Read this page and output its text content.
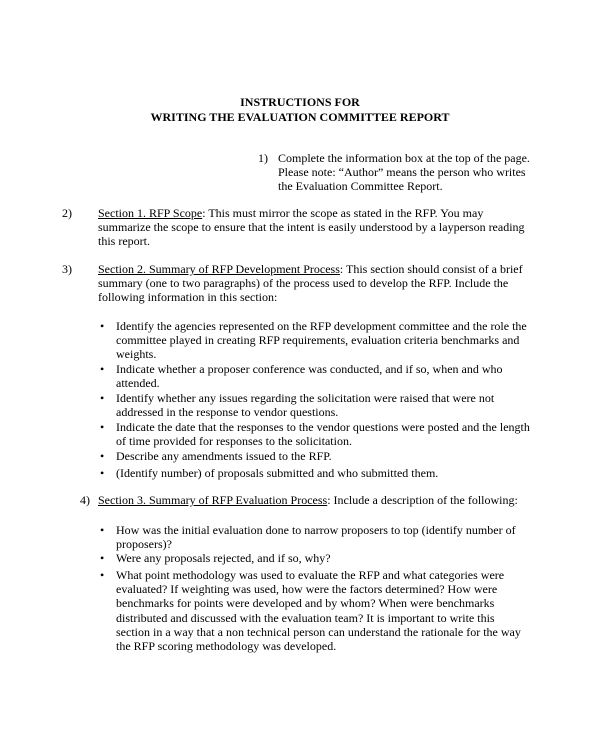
INSTRUCTIONS FOR
WRITING THE EVALUATION COMMITTEE REPORT
1) Complete the information box at the top of the page.
Please note: “Author” means the person who writes
the Evaluation Committee Report.
2) Section 1. RFP Scope: This must mirror the scope as stated in the RFP. You may
summarize the scope to ensure that the intent is easily understood by a layperson reading
this report.
3) Section 2. Summary of RFP Development Process: This section should consist of a brief
summary (one to two paragraphs) of the process used to develop the RFP. Include the
following information in this section:
• Identify the agencies represented on the RFP development committee and the role the
committee played in creating RFP requirements, evaluation criteria benchmarks and
weights.
• Indicate whether a proposer conference was conducted, and if so, when and who
attended.
• Identify whether any issues regarding the solicitation were raised that were not
addressed in the response to vendor questions.
• Indicate the date that the responses to the vendor questions were posted and the length
of time provided for responses to the solicitation.
• Describe any amendments issued to the RFP.
• (Identify number) of proposals submitted and who submitted them.
4) Section 3. Summary of RFP Evaluation Process: Include a description of the following:
• How was the initial evaluation done to narrow proposers to top (identify number of
proposers)?
• Were any proposals rejected, and if so, why?
• What point methodology was used to evaluate the RFP and what categories were
evaluated? If weighting was used, how were the factors determined? How were
benchmarks for points were developed and by whom? When were benchmarks
distributed and discussed with the evaluation team? It is important to write this
section in a way that a non technical person can understand the rationale for the way
the RFP scoring methodology was developed.
